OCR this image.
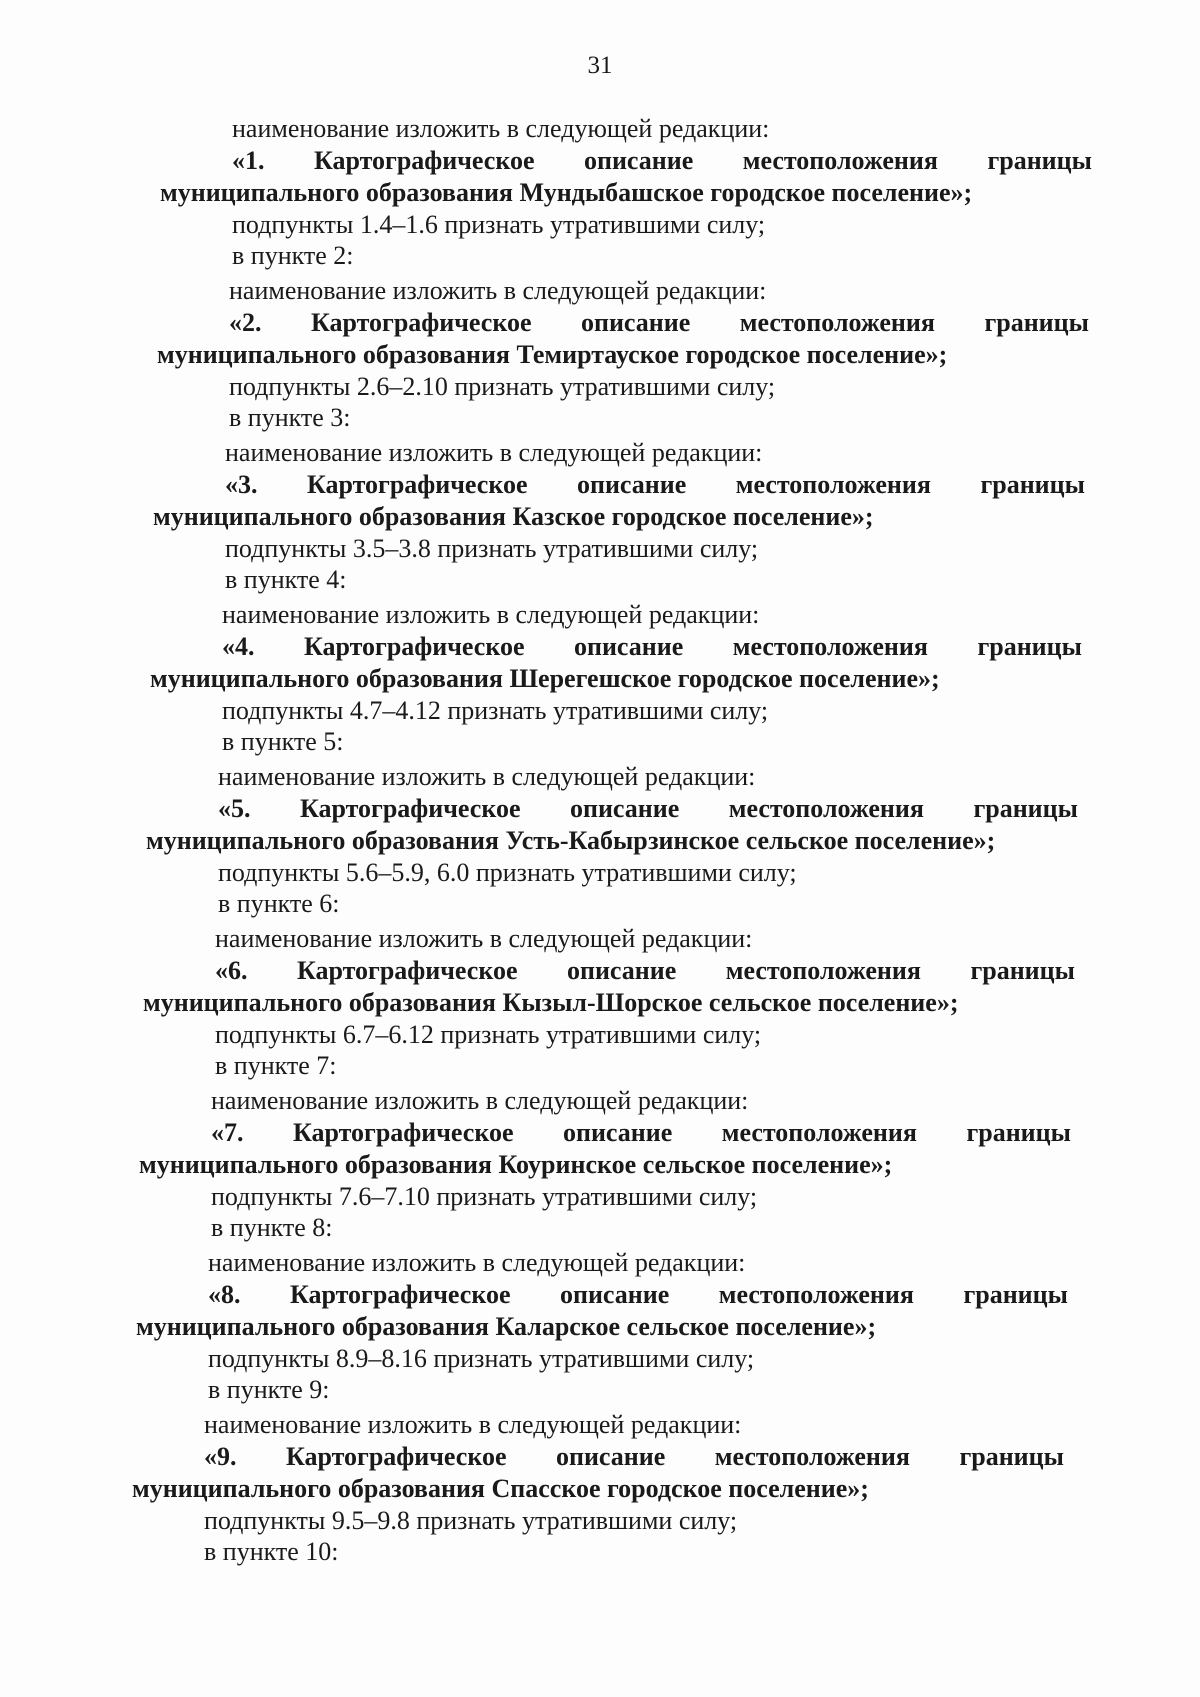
31
наименование изложить в следующей редакции:
«1. Картографическое описание местоположения границы
муниципального образования Мундыбашское городское поселение»;
подпункты 1.4–1.6 признать утратившими силу;
в пункте 2:
наименование изложить в следующей редакции:
«2. Картографическое описание местоположения границы
муниципального образования Темиртауское городское поселение»;
подпункты 2.6–2.10 признать утратившими силу;
в пункте 3:
наименование изложить в следующей редакции:
«3. Картографическое описание местоположения границы
муниципального образования Казское городское поселение»;
подпункты 3.5–3.8 признать утратившими силу;
в пункте 4:
наименование изложить в следующей редакции:
«4. Картографическое описание местоположения границы
муниципального образования Шерегешское городское поселение»;
подпункты 4.7–4.12 признать утратившими силу;
в пункте 5:
наименование изложить в следующей редакции:
«5. Картографическое описание местоположения границы
муниципального образования Усть-Кабырзинское сельское поселение»;
подпункты 5.6–5.9, 6.0 признать утратившими силу;
в пункте 6:
наименование изложить в следующей редакции:
«6. Картографическое описание местоположения границы
муниципального образования Кызыл-Шорское сельское поселение»;
подпункты 6.7–6.12 признать утратившими силу;
в пункте 7:
наименование изложить в следующей редакции:
«7. Картографическое описание местоположения границы
муниципального образования Коуринское сельское поселение»;
подпункты 7.6–7.10 признать утратившими силу;
в пункте 8:
наименование изложить в следующей редакции:
«8. Картографическое описание местоположения границы
муниципального образования Каларское сельское поселение»;
подпункты 8.9–8.16 признать утратившими силу;
в пункте 9:
наименование изложить в следующей редакции:
«9. Картографическое описание местоположения границы
муниципального образования Спасское городское поселение»;
подпункты 9.5–9.8 признать утратившими силу;
в пункте 10:
